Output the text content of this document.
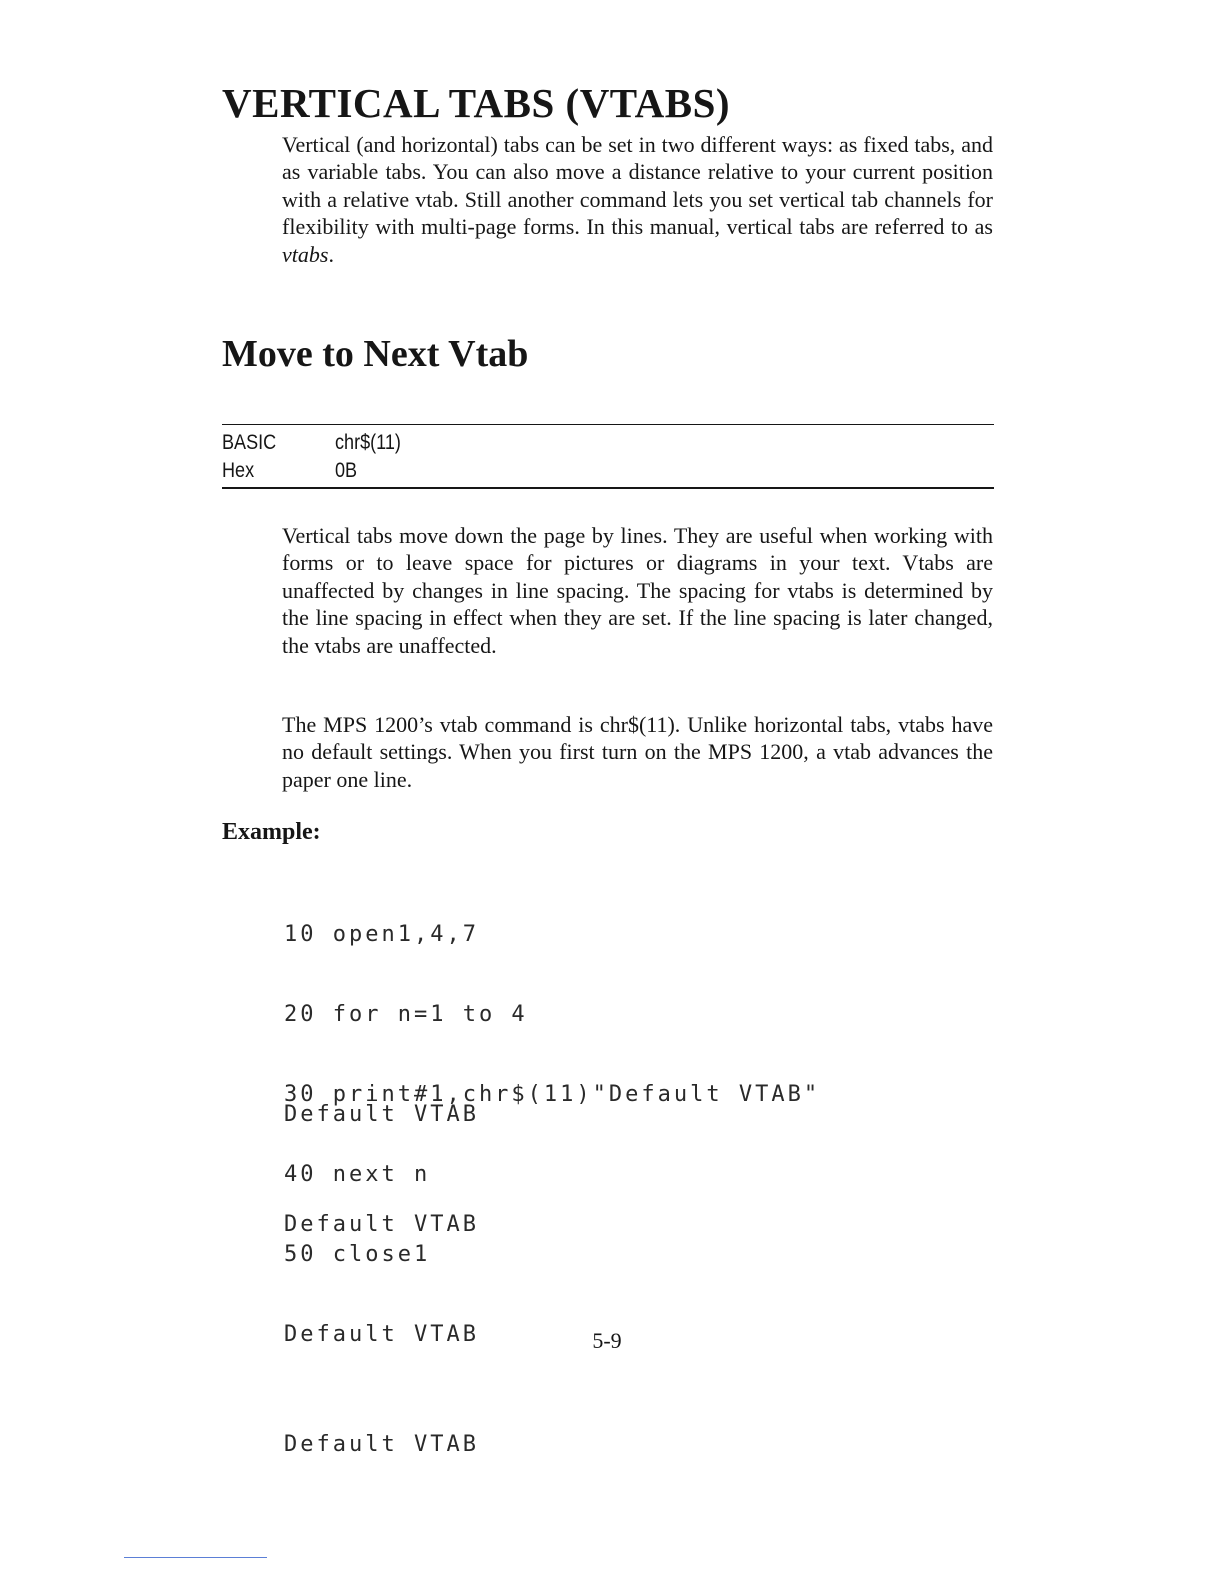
VERTICAL TABS (VTABS)

Vertical (and horizontal) tabs can be set in two different ways: as fixed tabs, and as variable tabs. You can also move a distance relative to your current position with a relative vtab. Still another command lets you set vertical tab channels for flexibility with multi-page forms. In this manual, vertical tabs are referred to as vtabs.

Move to Next Vtab
BASIC	chr$(11)
Hex	0B

Vertical tabs move down the page by lines. They are useful when working with forms or to leave space for pictures or diagrams in your text. Vtabs are unaffected by changes in line spacing. The spacing for vtabs is determined by the line spacing in effect when they are set. If the line spacing is later changed, the vtabs are unaffected.

The MPS 1200’s vtab command is chr$(11). Unlike horizontal tabs, vtabs have no default settings. When you first turn on the MPS 1200, a vtab advances the paper one line.

Example:

10 open1,4,7

20 for n=1 to 4

30 print#1,chr$(11)"Default VTAB"

40 next n

50 close1

Default VTAB

Default VTAB

Default VTAB

Default VTAB

5-9
